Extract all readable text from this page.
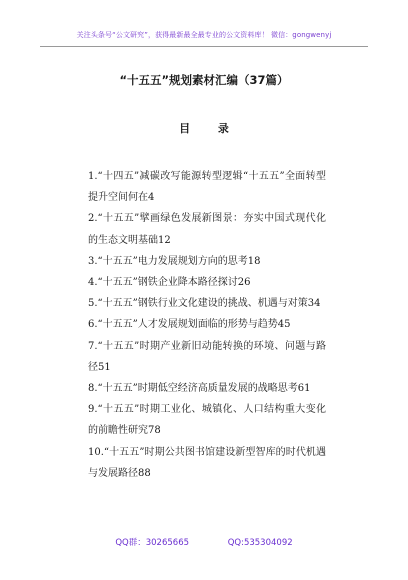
关注头条号“公文研究”，获得最新最全最专业的公文资料库！ 微信：gongwenyj
“十五五”规划素材汇编（37篇）
目 录
1.“十四五”减碳改写能源转型逻辑“十五五”全面转型提升空间何在4
2.“十五五”擘画绿色发展新图景：夯实中国式现代化的生态文明基础12
3.“十五五”电力发展规划方向的思考18
4.“十五五”钢铁企业降本路径探讨26
5.“十五五”钢铁行业文化建设的挑战、机遇与对策34
6.“十五五”人才发展规划面临的形势与趋势45
7.“十五五”时期产业新旧动能转换的环境、问题与路径51
8.“十五五”时期低空经济高质量发展的战略思考61
9.“十五五”时期工业化、城镇化、人口结构重大变化的前瞻性研究78
10.“十五五”时期公共图书馆建设新型智库的时代机遇与发展路径88
QQ群：30265665	QQ:535304092
